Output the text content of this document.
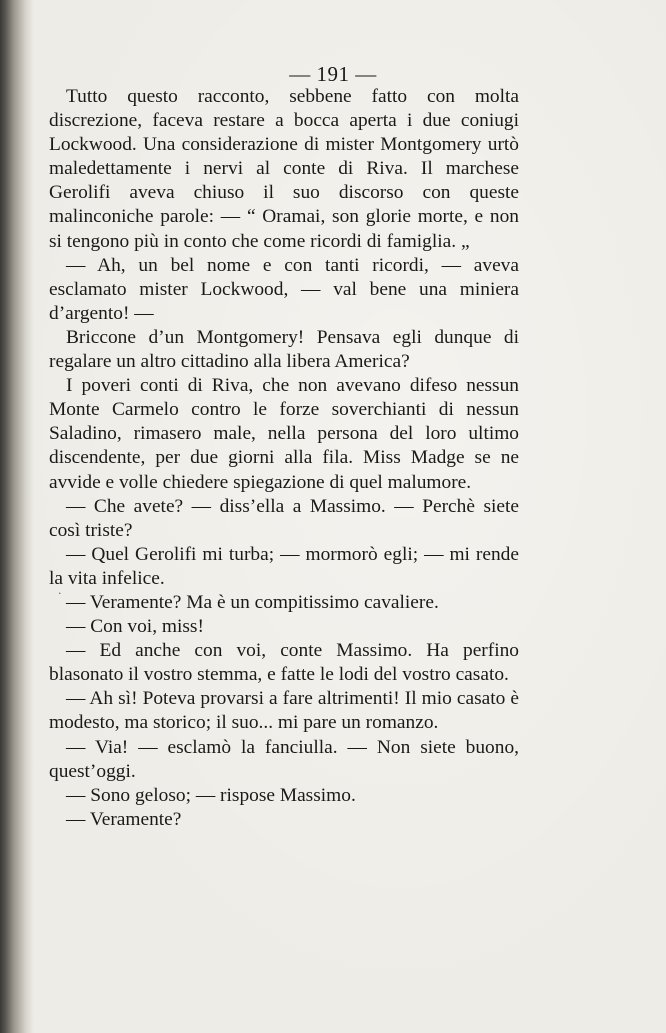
— 191 —

Tutto questo racconto, sebbene fatto con molta discrezione, faceva restare a bocca aperta i due coniugi Lockwood. Una considerazione di mister Montgomery urtò maledettamente i nervi al conte di Riva. Il marchese Gerolifi aveva chiuso il suo discorso con queste malinconiche parole: — “ Oramai, son glorie morte, e non si tengono più in conto che come ricordi di famiglia. „

— Ah, un bel nome e con tanti ricordi, — aveva esclamato mister Lockwood, — val bene una miniera d’argento! —

Briccone d’un Montgomery! Pensava egli dunque di regalare un altro cittadino alla libera America?

I poveri conti di Riva, che non avevano difeso nessun Monte Carmelo contro le forze soverchianti di nessun Saladino, rimasero male, nella persona del loro ultimo discendente, per due giorni alla fila. Miss Madge se ne avvide e volle chiedere spiegazione di quel malumore.

— Che avete? — diss’ella a Massimo. — Perchè siete così triste?

— Quel Gerolifi mi turba; — mormorò egli; — mi rende la vita infelice.

— Veramente? Ma è un compitissimo cavaliere.

— Con voi, miss!

— Ed anche con voi, conte Massimo. Ha perfino blasonato il vostro stemma, e fatte le lodi del vostro casato.

— Ah sì! Poteva provarsi a fare altrimenti! Il mio casato è modesto, ma storico; il suo... mi pare un romanzo.

— Via! — esclamò la fanciulla. — Non siete buono, quest’oggi.

— Sono geloso; — rispose Massimo.

— Veramente?

·
